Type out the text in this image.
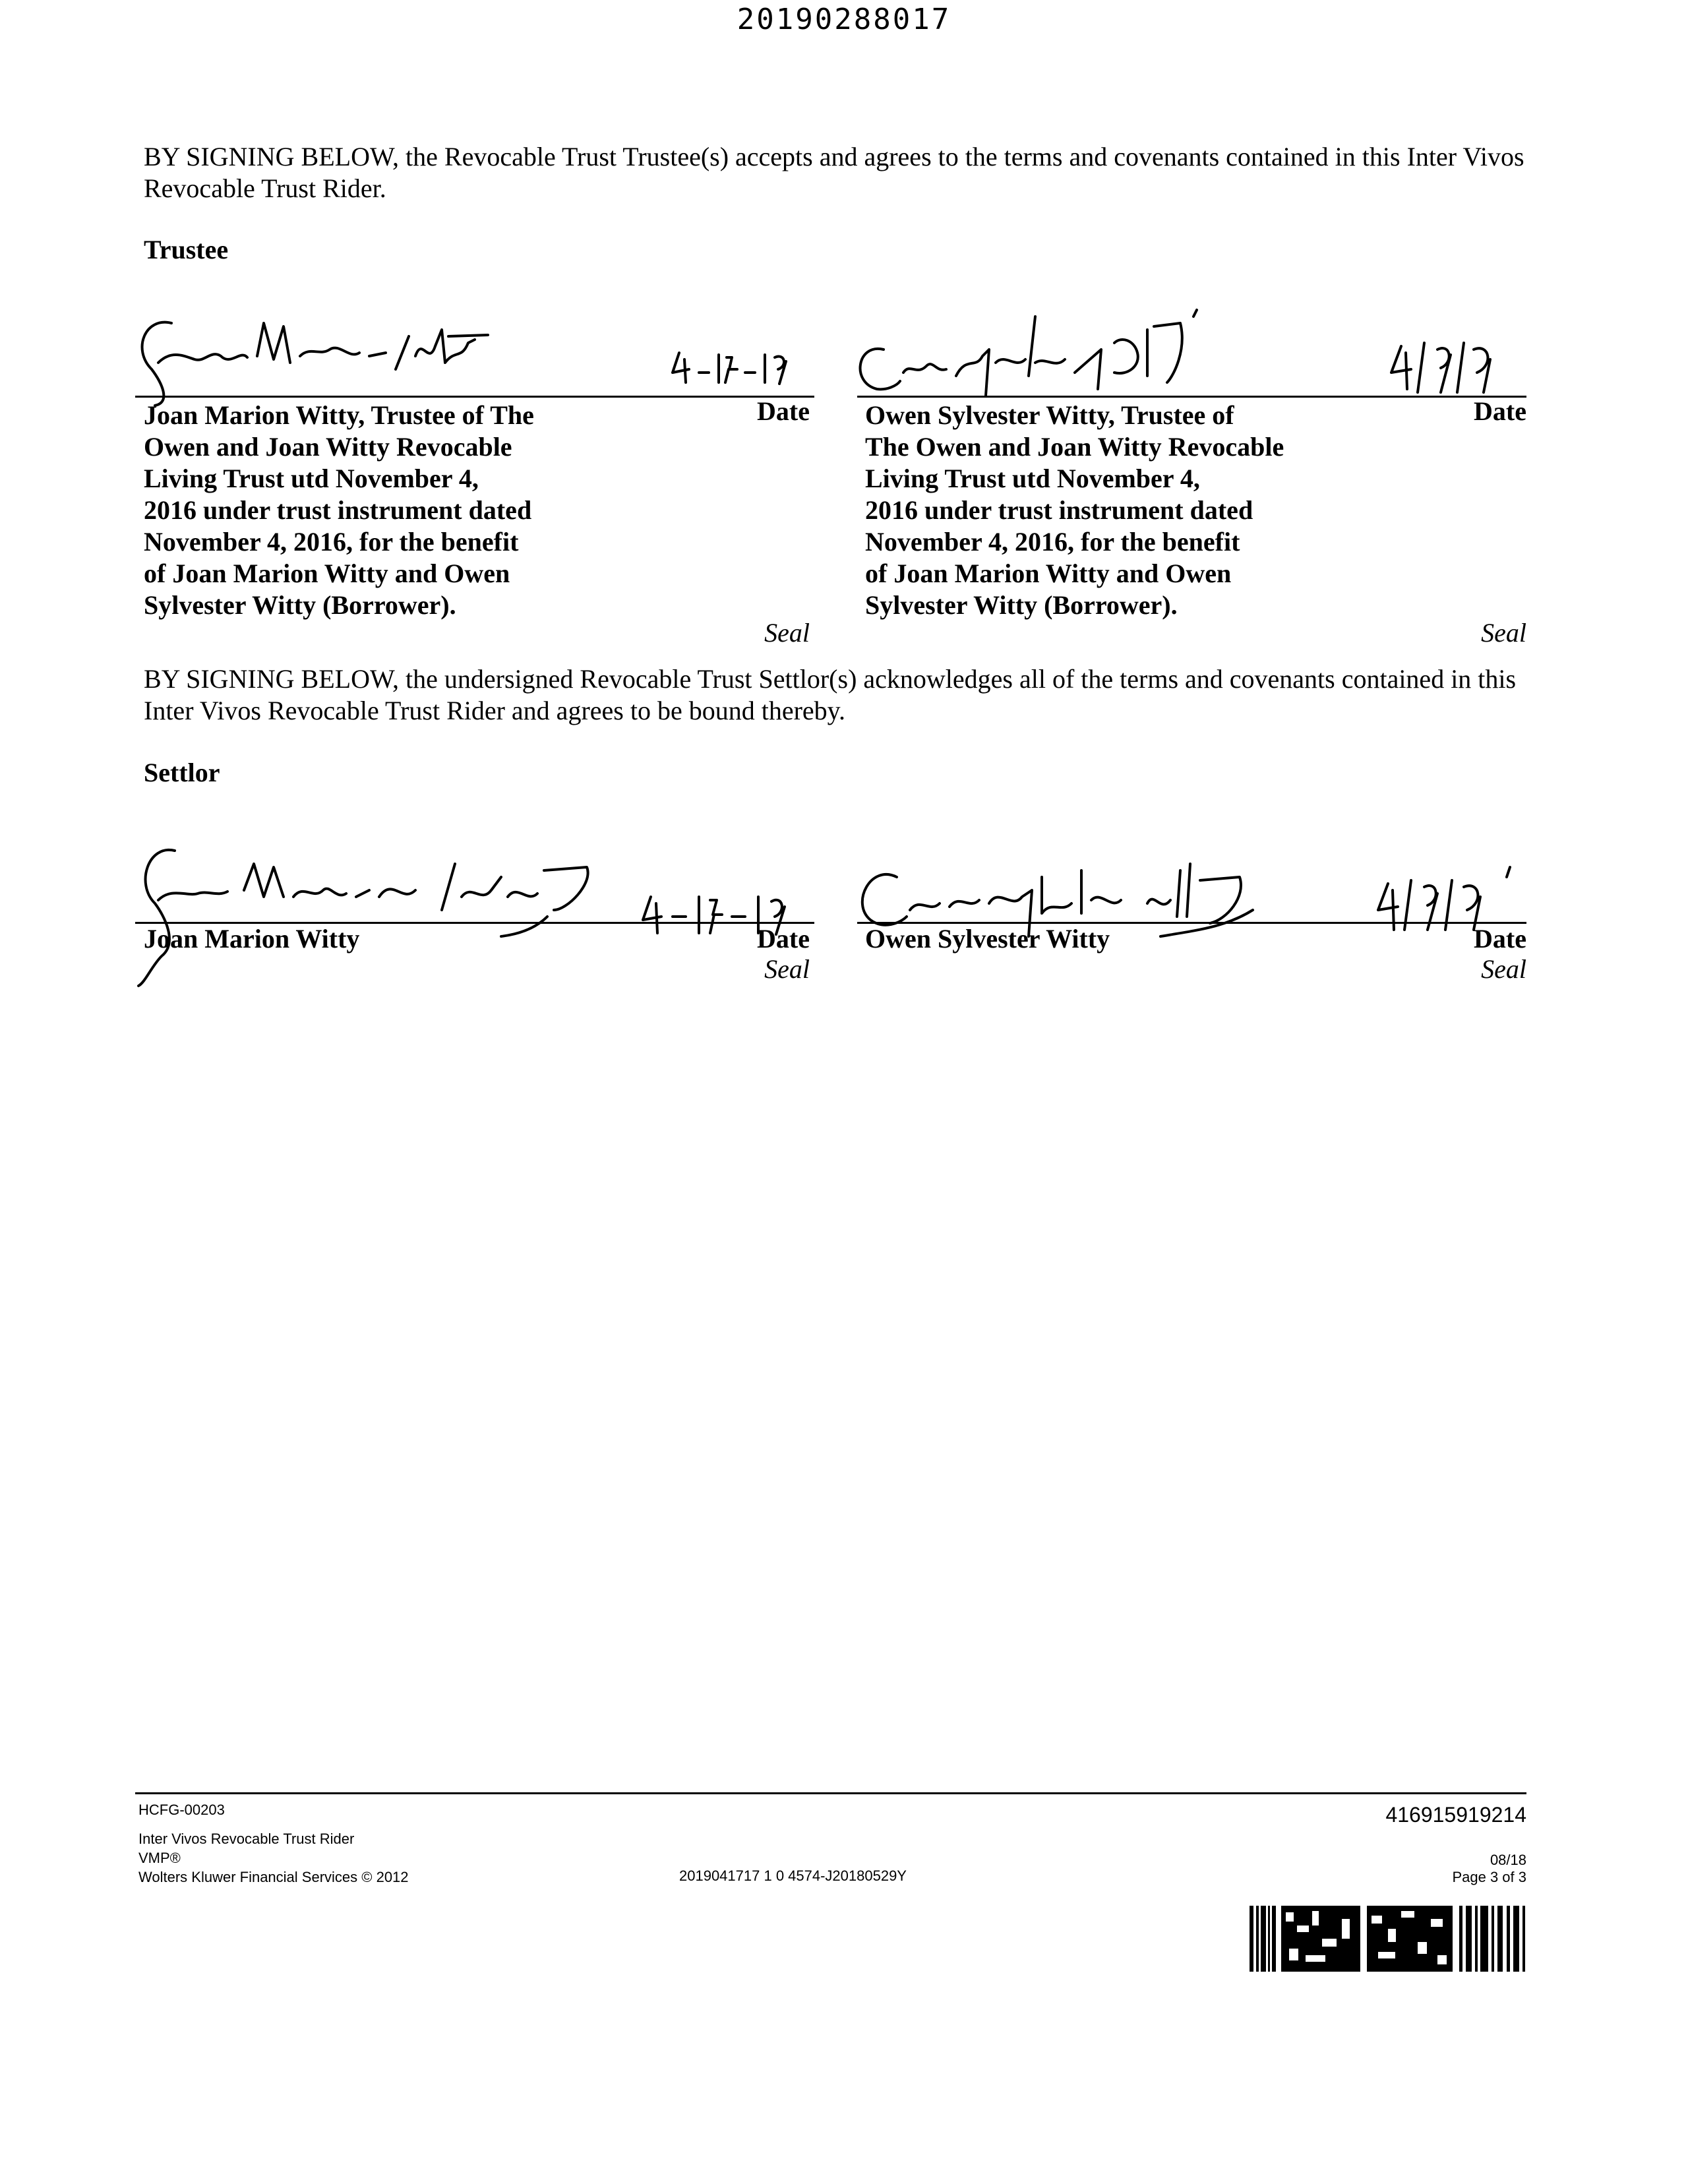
20190288017
BY SIGNING BELOW, the Revocable Trust Trustee(s) accepts and agrees to the terms and covenants contained in this Inter Vivos Revocable Trust Rider.
Trustee
Joan Marion Witty, Trustee of The
Owen and Joan Witty Revocable
Living Trust utd November 4,
2016 under trust instrument dated
November 4, 2016, for the benefit
of Joan Marion Witty and Owen
Sylvester Witty (Borrower).
Date
Seal
Owen Sylvester Witty, Trustee of
The Owen and Joan Witty Revocable
Living Trust utd November 4,
2016 under trust instrument dated
November 4, 2016, for the benefit
of Joan Marion Witty and Owen
Sylvester Witty (Borrower).
Date
Seal
BY SIGNING BELOW, the undersigned Revocable Trust Settlor(s) acknowledges all of the terms and covenants contained in this Inter Vivos Revocable Trust Rider and agrees to be bound thereby.
Settlor
Joan Marion Witty	Date
Seal
Owen Sylvester Witty	Date
Seal
HCFG-00203
Inter Vivos Revocable Trust Rider
VMP®
Wolters Kluwer Financial Services © 2012	2019041717 1 0 4574-J20180529Y
416915919214
08/18
Page 3 of 3
